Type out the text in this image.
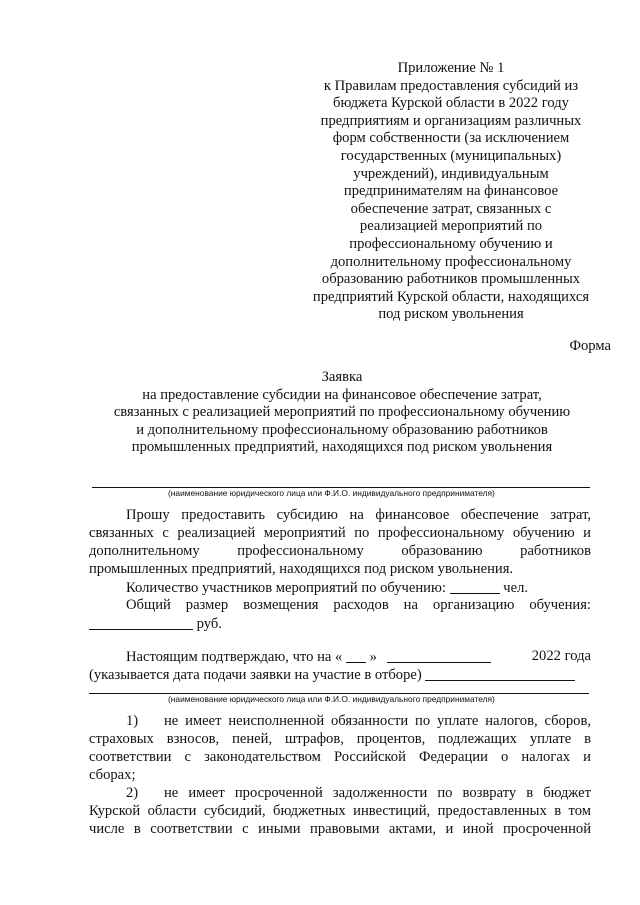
Приложение № 1
к Правилам предоставления субсидий из
бюджета Курской области в 2022 году
предприятиям и организациям различных
форм собственности (за исключением
государственных (муниципальных)
учреждений), индивидуальным
предпринимателям на финансовое
обеспечение затрат, связанных с
реализацией мероприятий по
профессиональному обучению и
дополнительному профессиональному
образованию работников промышленных
предприятий Курской области, находящихся
под риском увольнения
Форма
Заявка
на предоставление субсидии на финансовое обеспечение затрат,
связанных с реализацией мероприятий по профессиональному обучению
и дополнительному профессиональному образованию работников
промышленных предприятий, находящихся под риском увольнения
(наименование юридического лица или Ф.И.О. индивидуального предпринимателя)
Прошу предоставить субсидию на финансовое обеспечение затрат,
связанных с реализацией мероприятий по профессиональному обучению и
дополнительному профессиональному образованию работников
промышленных предприятий, находящихся под риском увольнения.
Количество участников мероприятий по обучению:	чел.
Общий размер возмещения расходов на организацию обучения:
руб.
Настоящим подтверждаю, что на « »	2022 года
(указывается дата подачи заявки на участие в отборе)
(наименование юридического лица или Ф.И.О. индивидуального предпринимателя)
1) не имеет неисполненной обязанности по уплате налогов, сборов,
страховых взносов, пеней, штрафов, процентов, подлежащих уплате в
соответствии с законодательством Российской Федерации о налогах и
сборах;
2) не имеет просроченной задолженности по возврату в бюджет
Курской области субсидий, бюджетных инвестиций, предоставленных в том
числе в соответствии с иными правовыми актами, и иной просроченной
